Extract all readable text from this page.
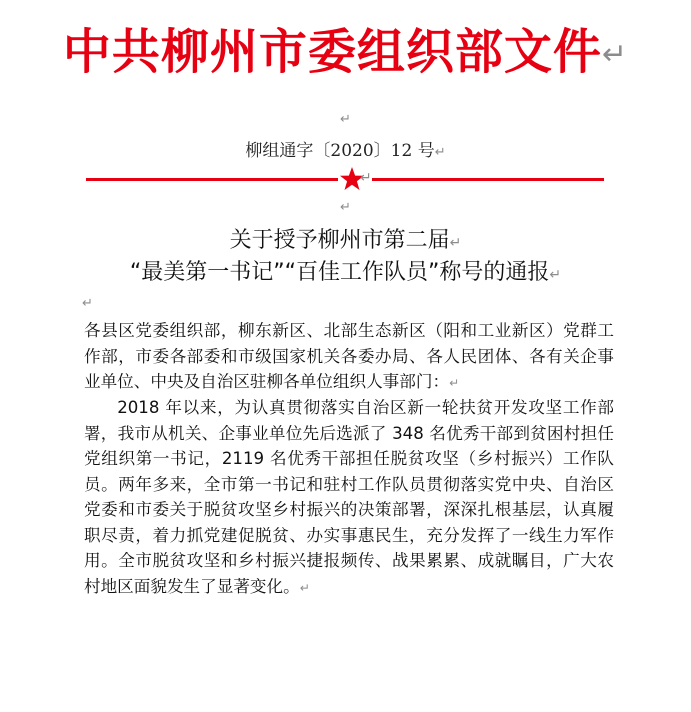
中共柳州市委组织部文件↵
↵
柳组通字〔2020〕12 号↵
↵
↵
关于授予柳州市第二届↵
“最美第一书记”“百佳工作队员”称号的通报↵
↵
各县区党委组织部，柳东新区、北部生态新区（阳和工业新区）党群工作部，市委各部委和市级国家机关各委办局、各人民团体、各有关企事业单位、中央及自治区驻柳各单位组织人事部门：↵
2018 年以来，为认真贯彻落实自治区新一轮扶贫开发攻坚工作部署，我市从机关、企事业单位先后选派了 348 名优秀干部到贫困村担任党组织第一书记，2119 名优秀干部担任脱贫攻坚（乡村振兴）工作队员。两年多来，全市第一书记和驻村工作队员贯彻落实党中央、自治区党委和市委关于脱贫攻坚乡村振兴的决策部署，深深扎根基层，认真履职尽责，着力抓党建促脱贫、办实事惠民生，充分发挥了一线生力军作用。全市脱贫攻坚和乡村振兴捷报频传、战果累累、成就瞩目，广大农村地区面貌发生了显著变化。↵
